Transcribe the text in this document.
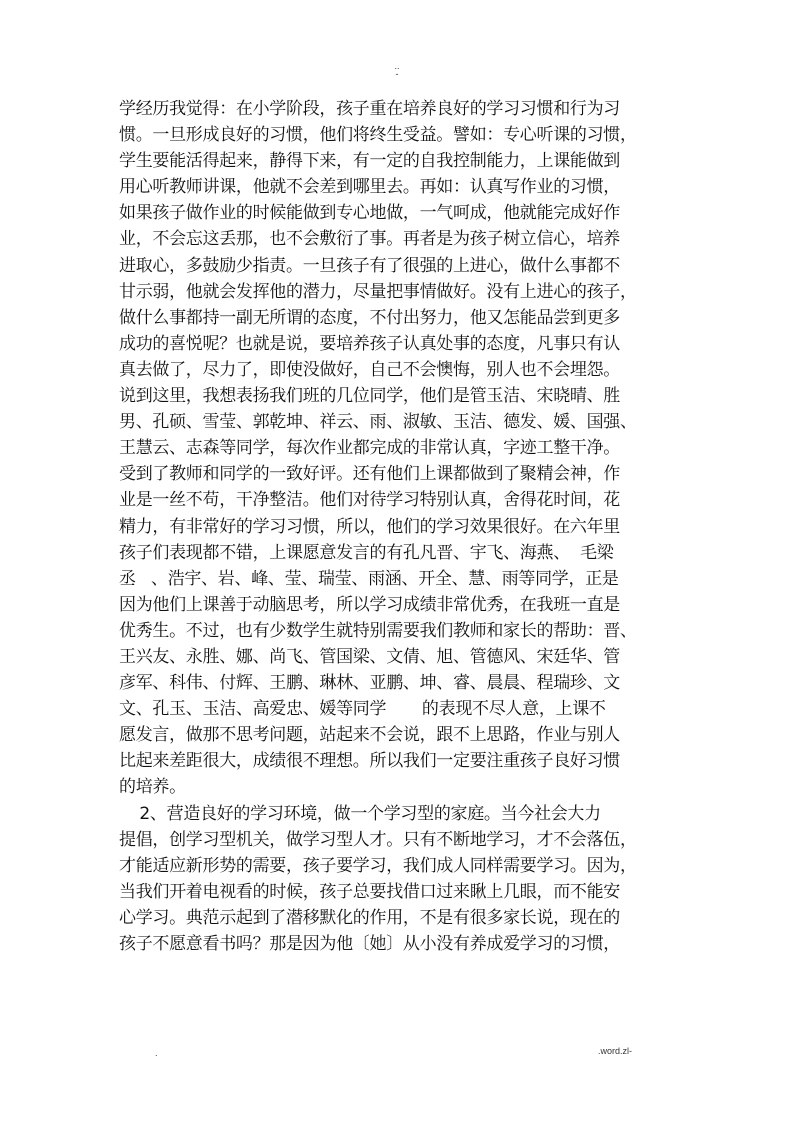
..
-
学经历我觉得：在小学阶段，孩子重在培养良好的学习习惯和行为习
惯。一旦形成良好的习惯，他们将终生受益。譬如：专心听课的习惯，
学生要能活得起来，静得下来，有一定的自我控制能力，上课能做到
用心听教师讲课，他就不会差到哪里去。再如：认真写作业的习惯，
如果孩子做作业的时候能做到专心地做，一气呵成，他就能完成好作
业，不会忘这丢那，也不会敷衍了事。再者是为孩子树立信心，培养
进取心，多鼓励少指责。一旦孩子有了很强的上进心，做什么事都不
甘示弱，他就会发挥他的潜力，尽量把事情做好。没有上进心的孩子，
做什么事都持一副无所谓的态度，不付出努力，他又怎能品尝到更多
成功的喜悦呢？也就是说，要培养孩子认真处事的态度，凡事只有认
真去做了，尽力了，即使没做好，自己不会懊悔，别人也不会埋怨。
说到这里，我想表扬我们班的几位同学，他们是管玉洁、宋晓晴、胜
男、孔硕、雪莹、郭乾坤、祥云、雨、淑敏、玉洁、德发、媛、国强、
王慧云、志森等同学，每次作业都完成的非常认真，字迹工整干净。
受到了教师和同学的一致好评。还有他们上课都做到了聚精会神，作
业是一丝不苟，干净整洁。他们对待学习特别认真，舍得花时间，花
精力，有非常好的学习习惯，所以，他们的学习效果很好。在六年里
孩子们表现都不错，上课愿意发言的有孔凡晋、宇飞、海燕、  毛梁
丞   、浩宇、岩、峰、莹、瑞莹、雨涵、开全、慧、雨等同学，正是
因为他们上课善于动脑思考，所以学习成绩非常优秀，在我班一直是
优秀生。不过，也有少数学生就特别需要我们教师和家长的帮助：晋、
王兴友、永胜、娜、尚飞、管国梁、文倩、旭、管德风、宋廷华、管
彦军、科伟、付辉、王鹏、琳林、亚鹏、坤、睿、晨晨、程瑞珍、文
文、孔玉、玉洁、高爱忠、媛等同学       的表现不尽人意，上课不
愿发言，做那不思考问题，站起来不会说，跟不上思路，作业与别人
比起来差距很大，成绩很不理想。所以我们一定要注重孩子良好习惯
的培养。
2、营造良好的学习环境，做一个学习型的家庭。当今社会大力
提倡，创学习型机关，做学习型人才。只有不断地学习，才不会落伍，
才能适应新形势的需要，孩子要学习，我们成人同样需要学习。因为，
当我们开着电视看的时候，孩子总要找借口过来瞅上几眼，而不能安
心学习。典范示起到了潜移默化的作用，不是有很多家长说，现在的
孩子不愿意看书吗？那是因为他〔她〕从小没有养成爱学习的习惯，
.	.word.zl-
